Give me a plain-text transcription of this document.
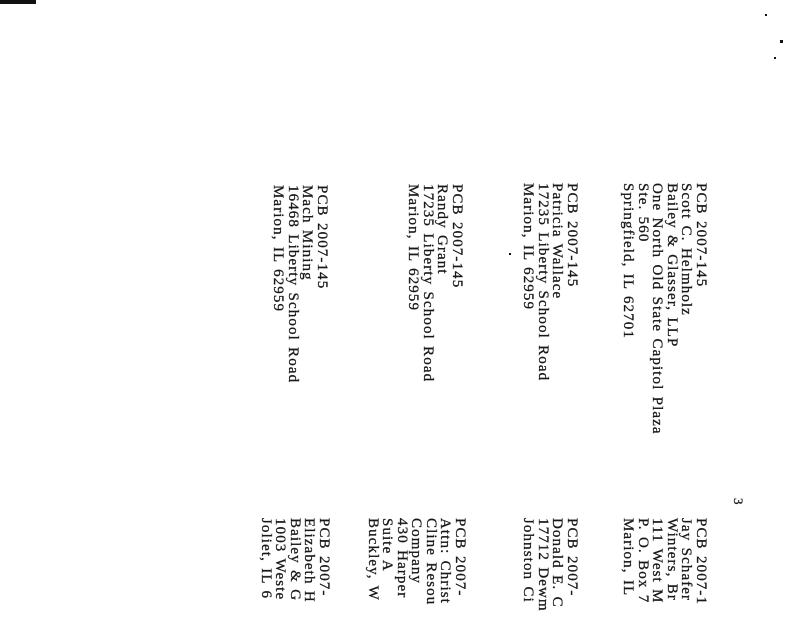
3
PCB 2007-145
Scott C. Helmholz
Bailey & Glasser, LLP
One North Old State Capitol Plaza
Ste. 560
Springfield, IL 62701
PCB 2007-1
Jay Schafer
Winters, Br
111 West M
P. O. Box 7
Marion, IL
PCB 2007-145
Patricia Wallace
17235 Liberty School Road
Marion, IL 62959
PCB 2007-
Donald E. C
17712 Dewm
Johnston Ci
PCB 2007-145
Randy Grant
17235 Liberty School Road
Marion, IL 62959
PCB 2007-
Attn: Christ
Cline Resou
Company
430 Harper
Suite A
Buckley, W
PCB 2007-145
Mach Mining
16468 Liberty School Road
Marion, IL 62959
PCB 2007-
Elizabeth H
Bailey & G
1003 Weste
Joliet, IL 6
